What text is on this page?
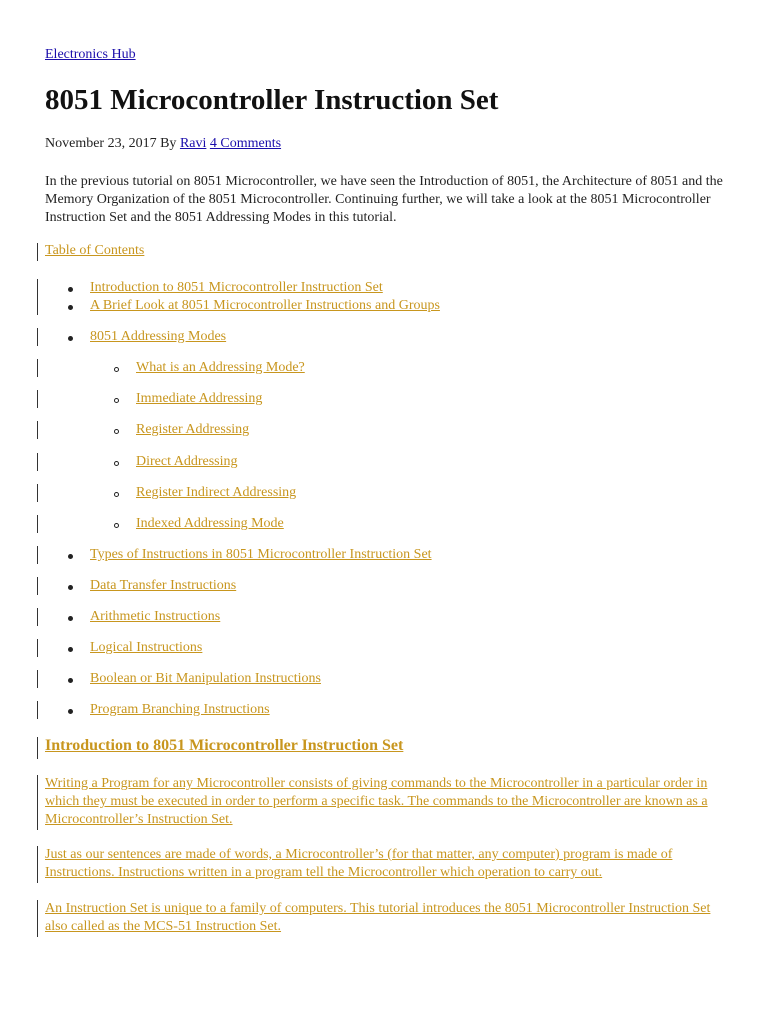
Electronics Hub
8051 Microcontroller Instruction Set
November 23, 2017 By Ravi 4 Comments

In the previous tutorial on 8051 Microcontroller, we have seen the Introduction of 8051, the Architecture of 8051 and the Memory Organization of the 8051 Microcontroller. Continuing further, we will take a look at the 8051 Microcontroller Instruction Set and the 8051 Addressing Modes in this tutorial.

Table of Contents
Introduction to 8051 Microcontroller Instruction Set
A Brief Look at 8051 Microcontroller Instructions and Groups
8051 Addressing Modes
What is an Addressing Mode?
Immediate Addressing
Register Addressing
Direct Addressing
Register Indirect Addressing
Indexed Addressing Mode
Types of Instructions in 8051 Microcontroller Instruction Set
Data Transfer Instructions
Arithmetic Instructions
Logical Instructions
Boolean or Bit Manipulation Instructions
Program Branching Instructions
Introduction to 8051 Microcontroller Instruction Set

Writing a Program for any Microcontroller consists of giving commands to the Microcontroller in a particular order in which they must be executed in order to perform a specific task. The commands to the Microcontroller are known as a Microcontroller’s Instruction Set.

Just as our sentences are made of words, a Microcontroller’s (for that matter, any computer) program is made of Instructions. Instructions written in a program tell the Microcontroller which operation to carry out.

An Instruction Set is unique to a family of computers. This tutorial introduces the 8051 Microcontroller Instruction Set also called as the MCS-51 Instruction Set.
